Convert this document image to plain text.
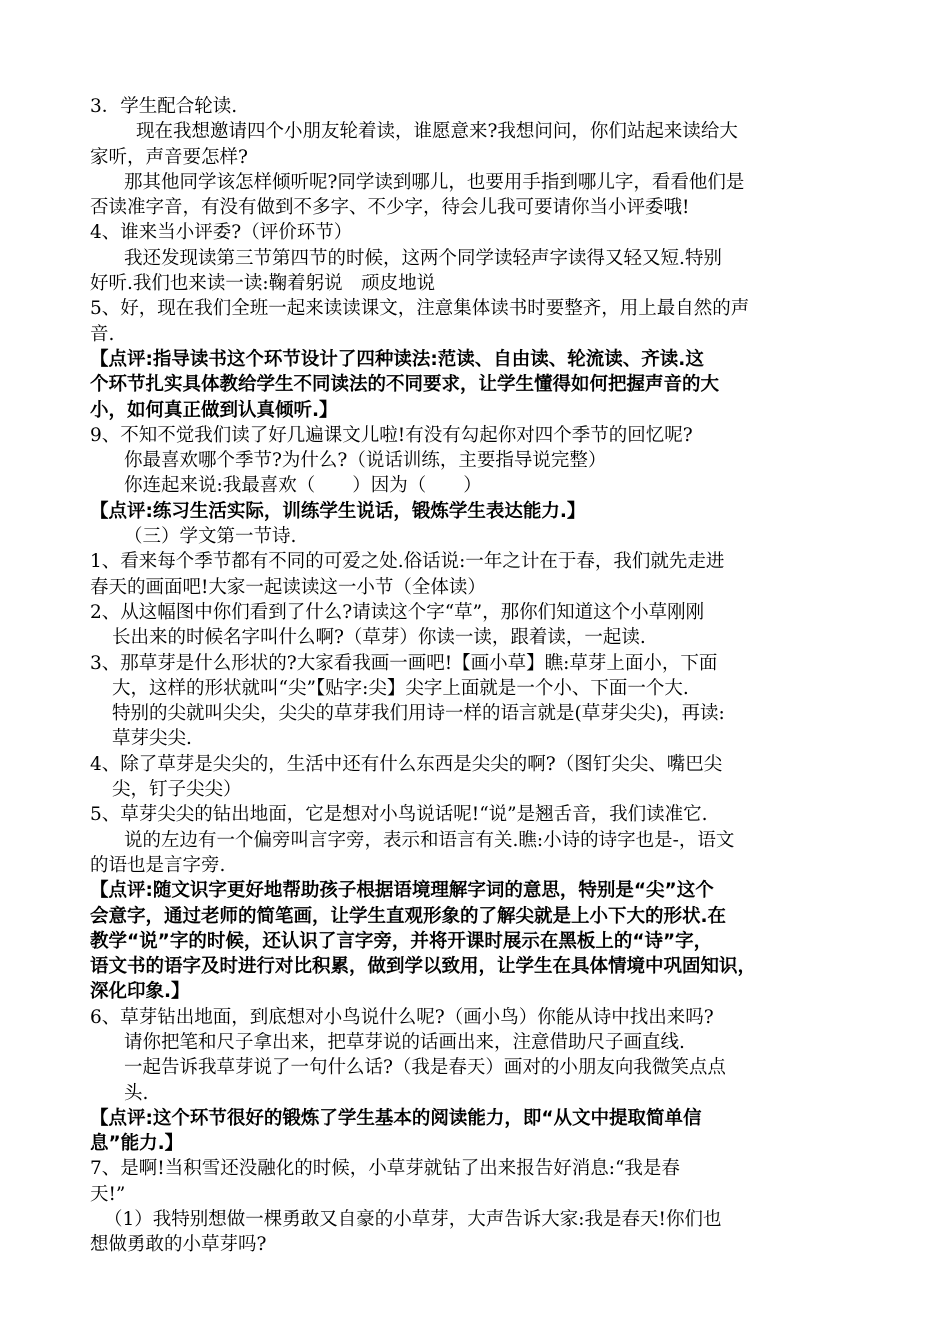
3．学生配合轮读.

现在我想邀请四个小朋友轮着读，谁愿意来?我想问问，你们站起来读给大

家听，声音要怎样?

那其他同学该怎样倾听呢?同学读到哪儿，也要用手指到哪儿字，看看他们是

否读准字音，有没有做到不多字、不少字，待会儿我可要请你当小评委哦!

4、谁来当小评委?（评价环节）

我还发现读第三节第四节的时候，这两个同学读轻声字读得又轻又短.特别

好听.我们也来读一读:鞠着躬说　顽皮地说

5、好，现在我们全班一起来读读课文，注意集体读书时要整齐，用上最自然的声

音.

【点评:指导读书这个环节设计了四种读法:范读、自由读、轮流读、齐读.这

个环节扎实具体教给学生不同读法的不同要求，让学生懂得如何把握声音的大

小，如何真正做到认真倾听.】

9、不知不觉我们读了好几遍课文儿啦!有没有勾起你对四个季节的回忆呢?

你最喜欢哪个季节?为什么?（说话训练，主要指导说完整）

你连起来说:我最喜欢（　　）因为（　　）

【点评:练习生活实际，训练学生说话，锻炼学生表达能力.】

（三）学文第一节诗.

1、看来每个季节都有不同的可爱之处.俗话说:一年之计在于春，我们就先走进

春天的画面吧!大家一起读读这一小节（全体读）

2、从这幅图中你们看到了什么?请读这个字“草”，那你们知道这个小草刚刚

长出来的时候名字叫什么啊?（草芽）你读一读，跟着读，一起读.

3、那草芽是什么形状的?大家看我画一画吧!【画小草】瞧:草芽上面小，下面

大，这样的形状就叫“尖”【贴字:尖】尖字上面就是一个小、下面一个大.

特别的尖就叫尖尖，尖尖的草芽我们用诗一样的语言就是(草芽尖尖)，再读:

草芽尖尖.

4、除了草芽是尖尖的，生活中还有什么东西是尖尖的啊?（图钉尖尖、嘴巴尖

尖，钉子尖尖）

5、草芽尖尖的钻出地面，它是想对小鸟说话呢!“说”是翘舌音，我们读准它.

说的左边有一个偏旁叫言字旁，表示和语言有关.瞧:小诗的诗字也是-，语文

的语也是言字旁.

【点评:随文识字更好地帮助孩子根据语境理解字词的意思，特别是“尖”这个

会意字，通过老师的简笔画，让学生直观形象的了解尖就是上小下大的形状.在

教学“说”字的时候，还认识了言字旁，并将开课时展示在黑板上的“诗”字，

语文书的语字及时进行对比积累，做到学以致用，让学生在具体情境中巩固知识，

深化印象.】

6、草芽钻出地面，到底想对小鸟说什么呢?（画小鸟）你能从诗中找出来吗?

请你把笔和尺子拿出来，把草芽说的话画出来，注意借助尺子画直线.

一起告诉我草芽说了一句什么话?（我是春天）画对的小朋友向我微笑点点

头.

【点评:这个环节很好的锻炼了学生基本的阅读能力，即“从文中提取简单信

息”能力.】

7、是啊!当积雪还没融化的时候，小草芽就钻了出来报告好消息:“我是春

天!”

（1）我特别想做一棵勇敢又自豪的小草芽，大声告诉大家:我是春天!你们也

想做勇敢的小草芽吗?
